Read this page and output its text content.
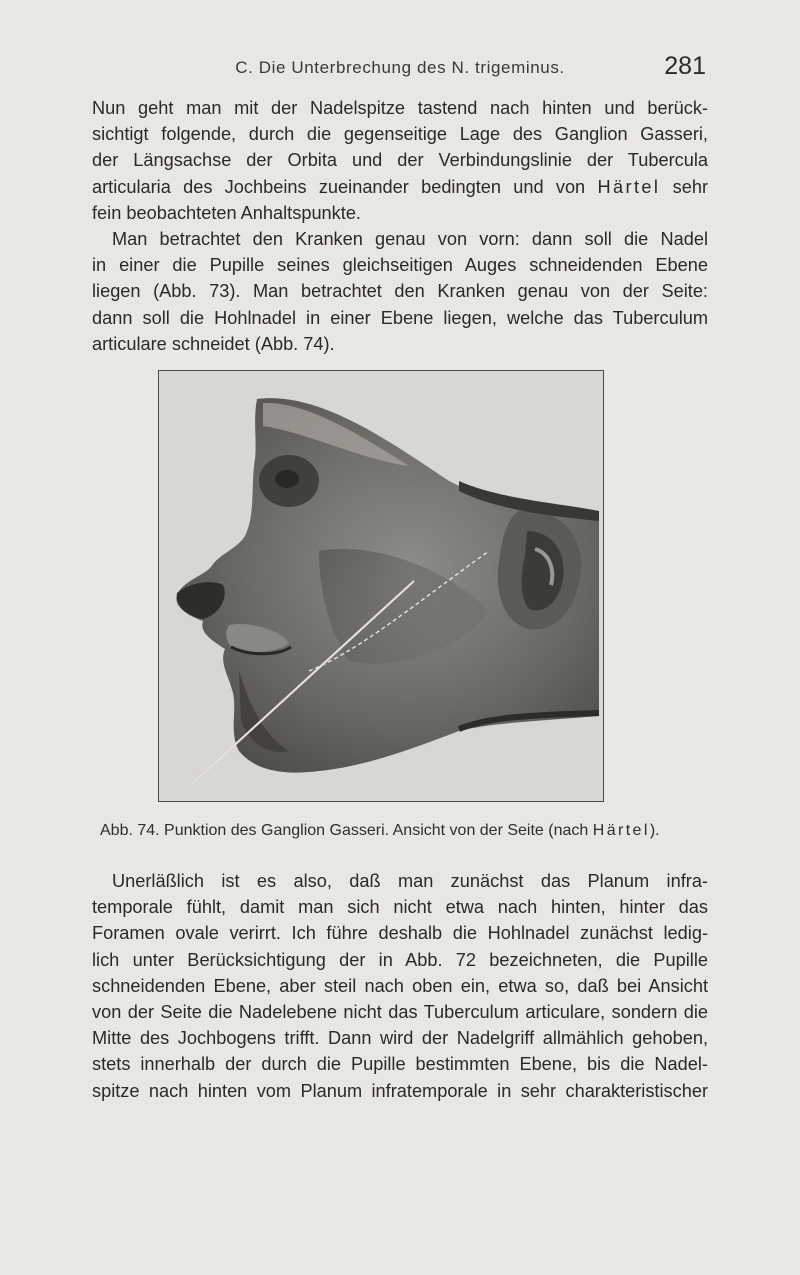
C. Die Unterbrechung des N. trigeminus.	281

Nun geht man mit der Nadelspitze tastend nach hinten und berück-
sichtigt folgende, durch die gegenseitige Lage des Ganglion Gasseri,
der Längsachse der Orbita und der Verbindungslinie der Tubercula
articularia des Jochbeins zueinander bedingten und von Härtel sehr
fein beobachteten Anhaltspunkte.

Man betrachtet den Kranken genau von vorn: dann soll die Nadel
in einer die Pupille seines gleichseitigen Auges schneidenden Ebene
liegen (Abb. 73). Man betrachtet den Kranken genau von der Seite:
dann soll die Hohlnadel in einer Ebene liegen, welche das Tuberculum
articulare schneidet (Abb. 74).

Abb. 74. Punktion des Ganglion Gasseri. Ansicht von der Seite (nach Härtel).

Unerläßlich ist es also, daß man zunächst das Planum infra-
temporale fühlt, damit man sich nicht etwa nach hinten, hinter das
Foramen ovale verirrt. Ich führe deshalb die Hohlnadel zunächst ledig-
lich unter Berücksichtigung der in Abb. 72 bezeichneten, die Pupille
schneidenden Ebene, aber steil nach oben ein, etwa so, daß bei Ansicht
von der Seite die Nadelebene nicht das Tuberculum articulare, sondern die
Mitte des Jochbogens trifft. Dann wird der Nadelgriff allmählich gehoben,
stets innerhalb der durch die Pupille bestimmten Ebene, bis die Nadel-
spitze nach hinten vom Planum infratemporale in sehr charakteristischer
